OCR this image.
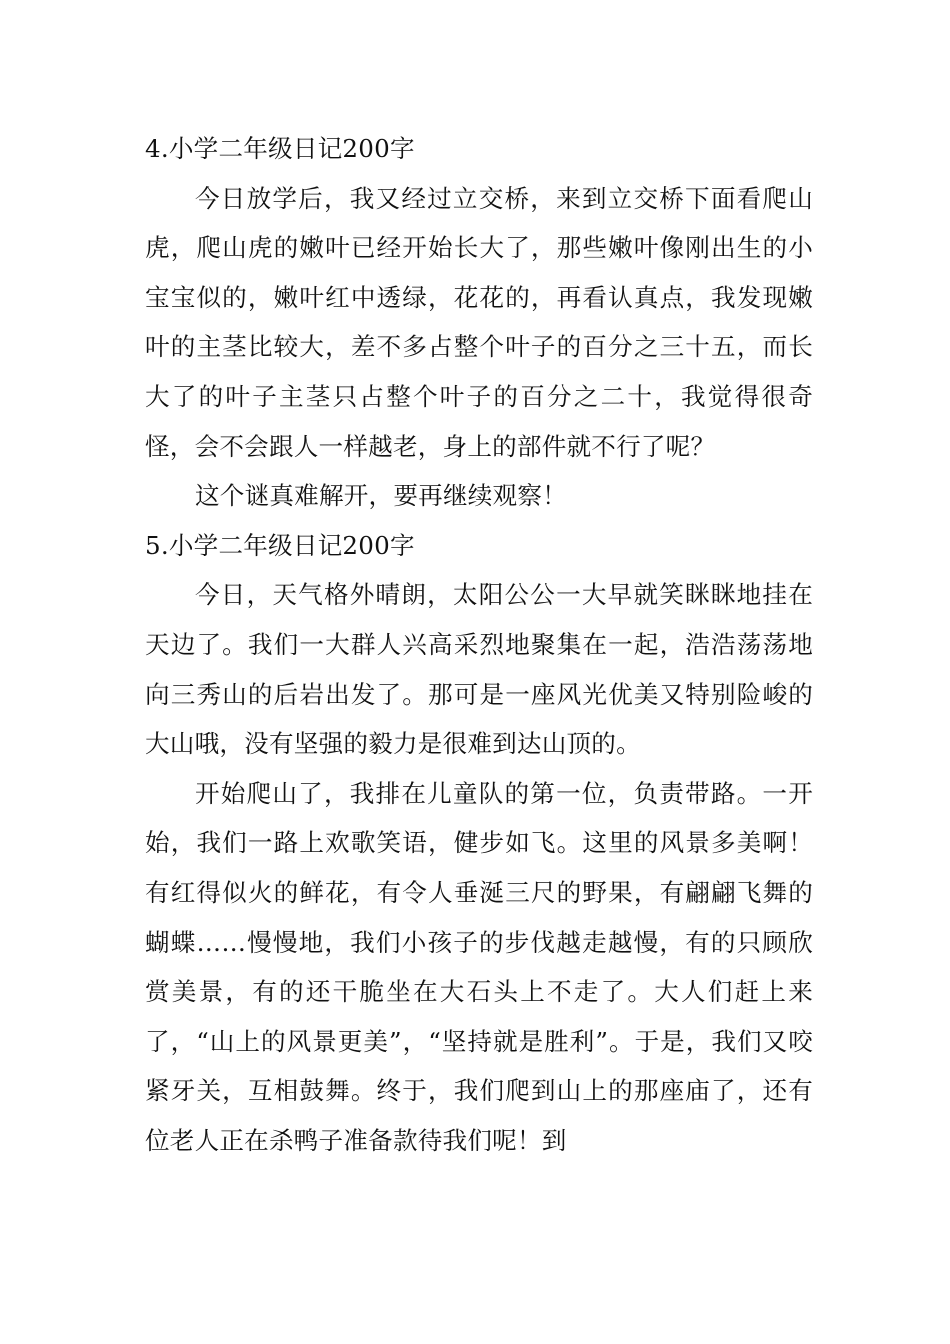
4.小学二年级日记200字

今日放学后，我又经过立交桥，来到立交桥下面看爬山虎，爬山虎的嫩叶已经开始长大了，那些嫩叶像刚出生的小宝宝似的，嫩叶红中透绿，花花的，再看认真点，我发现嫩叶的主茎比较大，差不多占整个叶子的百分之三十五，而长大了的叶子主茎只占整个叶子的百分之二十，我觉得很奇怪，会不会跟人一样越老，身上的部件就不行了呢？

这个谜真难解开，要再继续观察！

5.小学二年级日记200字

今日，天气格外晴朗，太阳公公一大早就笑眯眯地挂在天边了。我们一大群人兴高采烈地聚集在一起，浩浩荡荡地向三秀山的后岩出发了。那可是一座风光优美又特别险峻的大山哦，没有坚强的毅力是很难到达山顶的。

开始爬山了，我排在儿童队的第一位，负责带路。一开始，我们一路上欢歌笑语，健步如飞。这里的风景多美啊！有红得似火的鲜花，有令人垂涎三尺的野果，有翩翩飞舞的蝴蝶……慢慢地，我们小孩子的步伐越走越慢，有的只顾欣赏美景，有的还干脆坐在大石头上不走了。大人们赶上来了，“山上的风景更美”，“坚持就是胜利”。于是，我们又咬紧牙关，互相鼓舞。终于，我们爬到山上的那座庙了，还有位老人正在杀鸭子准备款待我们呢！到
